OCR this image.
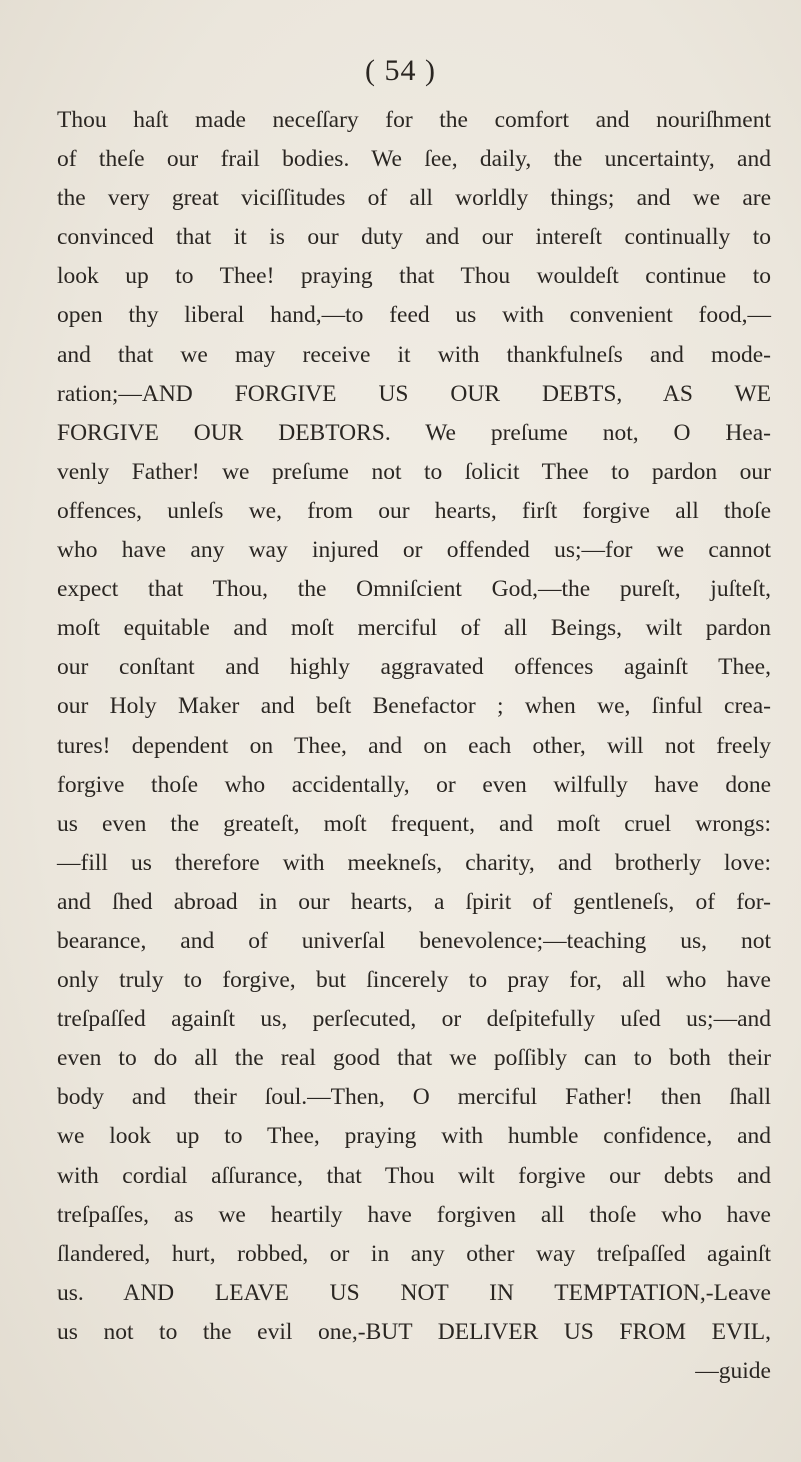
( 54 )
Thou haſt made neceſſary for the comfort and nouriſhment
of theſe our frail bodies. We ſee, daily, the uncertainty, and
the very great viciſſitudes of all worldly things; and we are
convinced that it is our duty and our intereſt continually to
look up to Thee! praying that Thou wouldeſt continue to
open thy liberal hand,—to feed us with convenient food,—
and that we may receive it with thankfulneſs and mode-
ration;—AND FORGIVE US OUR DEBTS, AS WE
FORGIVE OUR DEBTORS. We preſume not, O Hea-
venly Father! we preſume not to ſolicit Thee to pardon our
offences, unleſs we, from our hearts, firſt forgive all thoſe
who have any way injured or offended us;—for we cannot
expect that Thou, the Omniſcient God,—the pureſt, juſteſt,
moſt equitable and moſt merciful of all Beings, wilt pardon
our conſtant and highly aggravated offences againſt Thee,
our Holy Maker and beſt Benefactor ; when we, ſinful crea-
tures! dependent on Thee, and on each other, will not freely
forgive thoſe who accidentally, or even wilfully have done
us even the greateſt, moſt frequent, and moſt cruel wrongs:
—fill us therefore with meekneſs, charity, and brotherly love:
and ſhed abroad in our hearts, a ſpirit of gentleneſs, of for-
bearance, and of univerſal benevolence;—teaching us, not
only truly to forgive, but ſincerely to pray for, all who have
treſpaſſed againſt us, perſecuted, or deſpitefully uſed us;—and
even to do all the real good that we poſſibly can to both their
body and their ſoul.—Then, O merciful Father! then ſhall
we look up to Thee, praying with humble confidence, and
with cordial aſſurance, that Thou wilt forgive our debts and
treſpaſſes, as we heartily have forgiven all thoſe who have
ſlandered, hurt, robbed, or in any other way treſpaſſed againſt
us. AND LEAVE US NOT IN TEMPTATION,-Leave
us not to the evil one,-BUT DELIVER US FROM EVIL,
—guide
